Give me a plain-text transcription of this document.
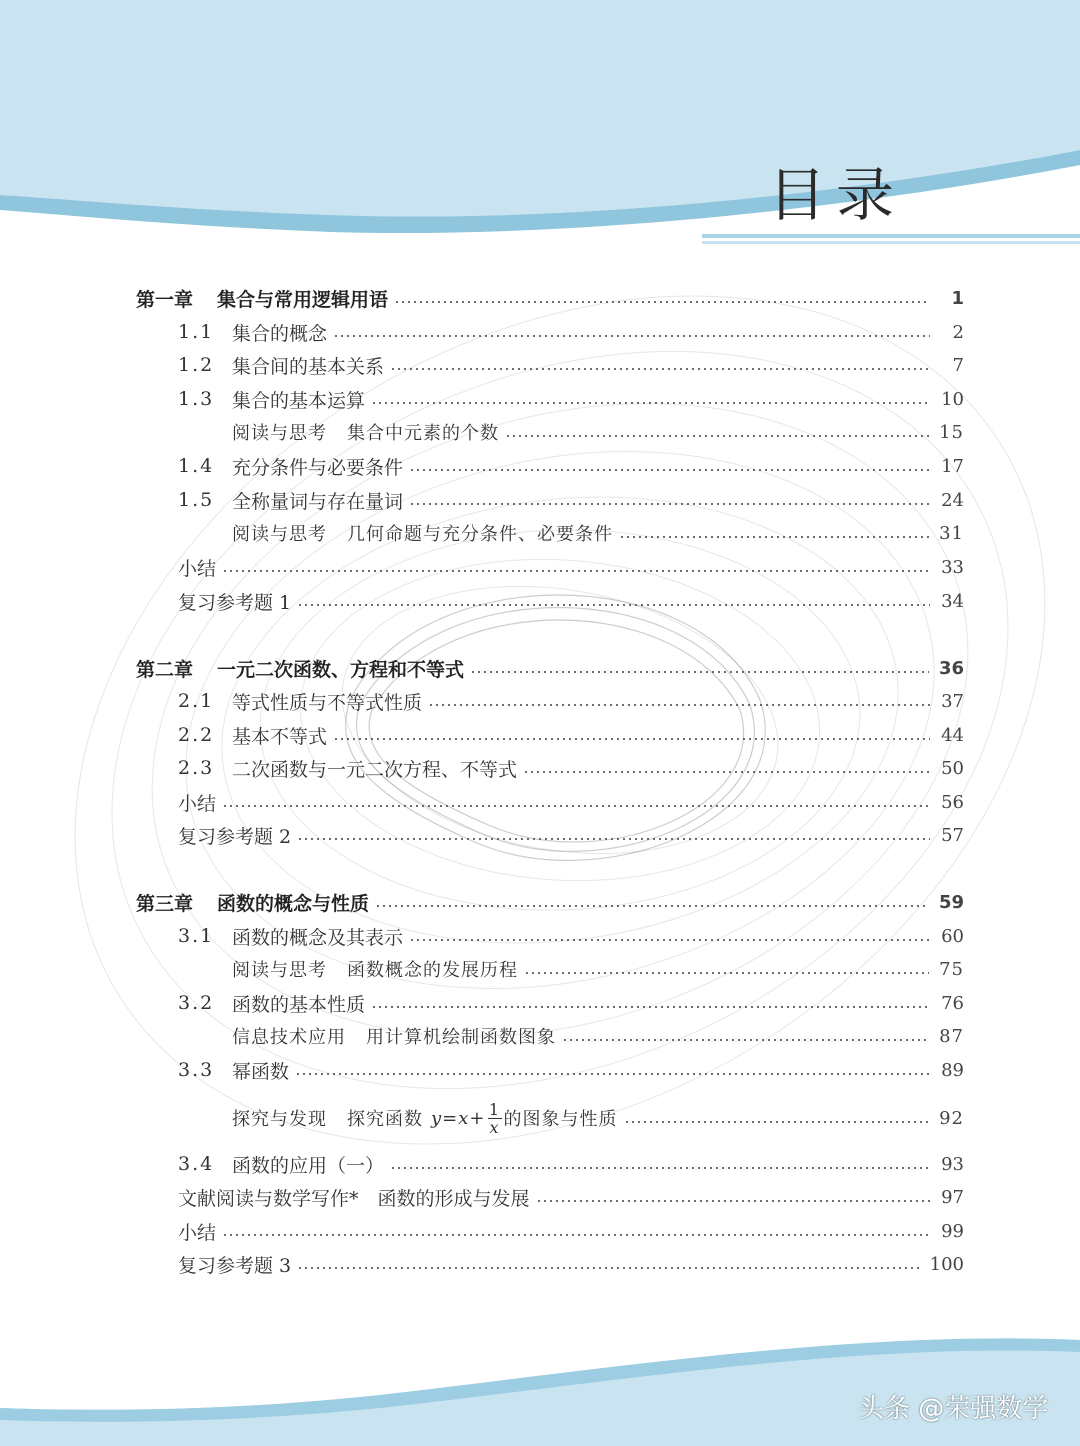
目录
第一章 集合与常用逻辑用语	1
1.1 集合的概念	2
1.2 集合间的基本关系	7
1.3 集合的基本运算	10
阅读与思考 集合中元素的个数	15
1.4 充分条件与必要条件	17
1.5 全称量词与存在量词	24
阅读与思考 几何命题与充分条件、必要条件	31
小结	33
复习参考题 1	34
第二章 一元二次函数、方程和不等式	36
2.1 等式性质与不等式性质	37
2.2 基本不等式	44
2.3 二次函数与一元二次方程、不等式	50
小结	56
复习参考题 2	57
第三章 函数的概念与性质	59
3.1 函数的概念及其表示	60
阅读与思考 函数概念的发展历程	75
3.2 函数的基本性质	76
信息技术应用 用计算机绘制函数图象	87
3.3 幂函数	89
探究与发现 探究函数 $y = x + \frac{1}{x}$ 的图象与性质	92
3.4 函数的应用（一）	93
文献阅读与数学写作*　函数的形成与发展	97
小结	99
复习参考题 3	100
头条 @荣强数学
